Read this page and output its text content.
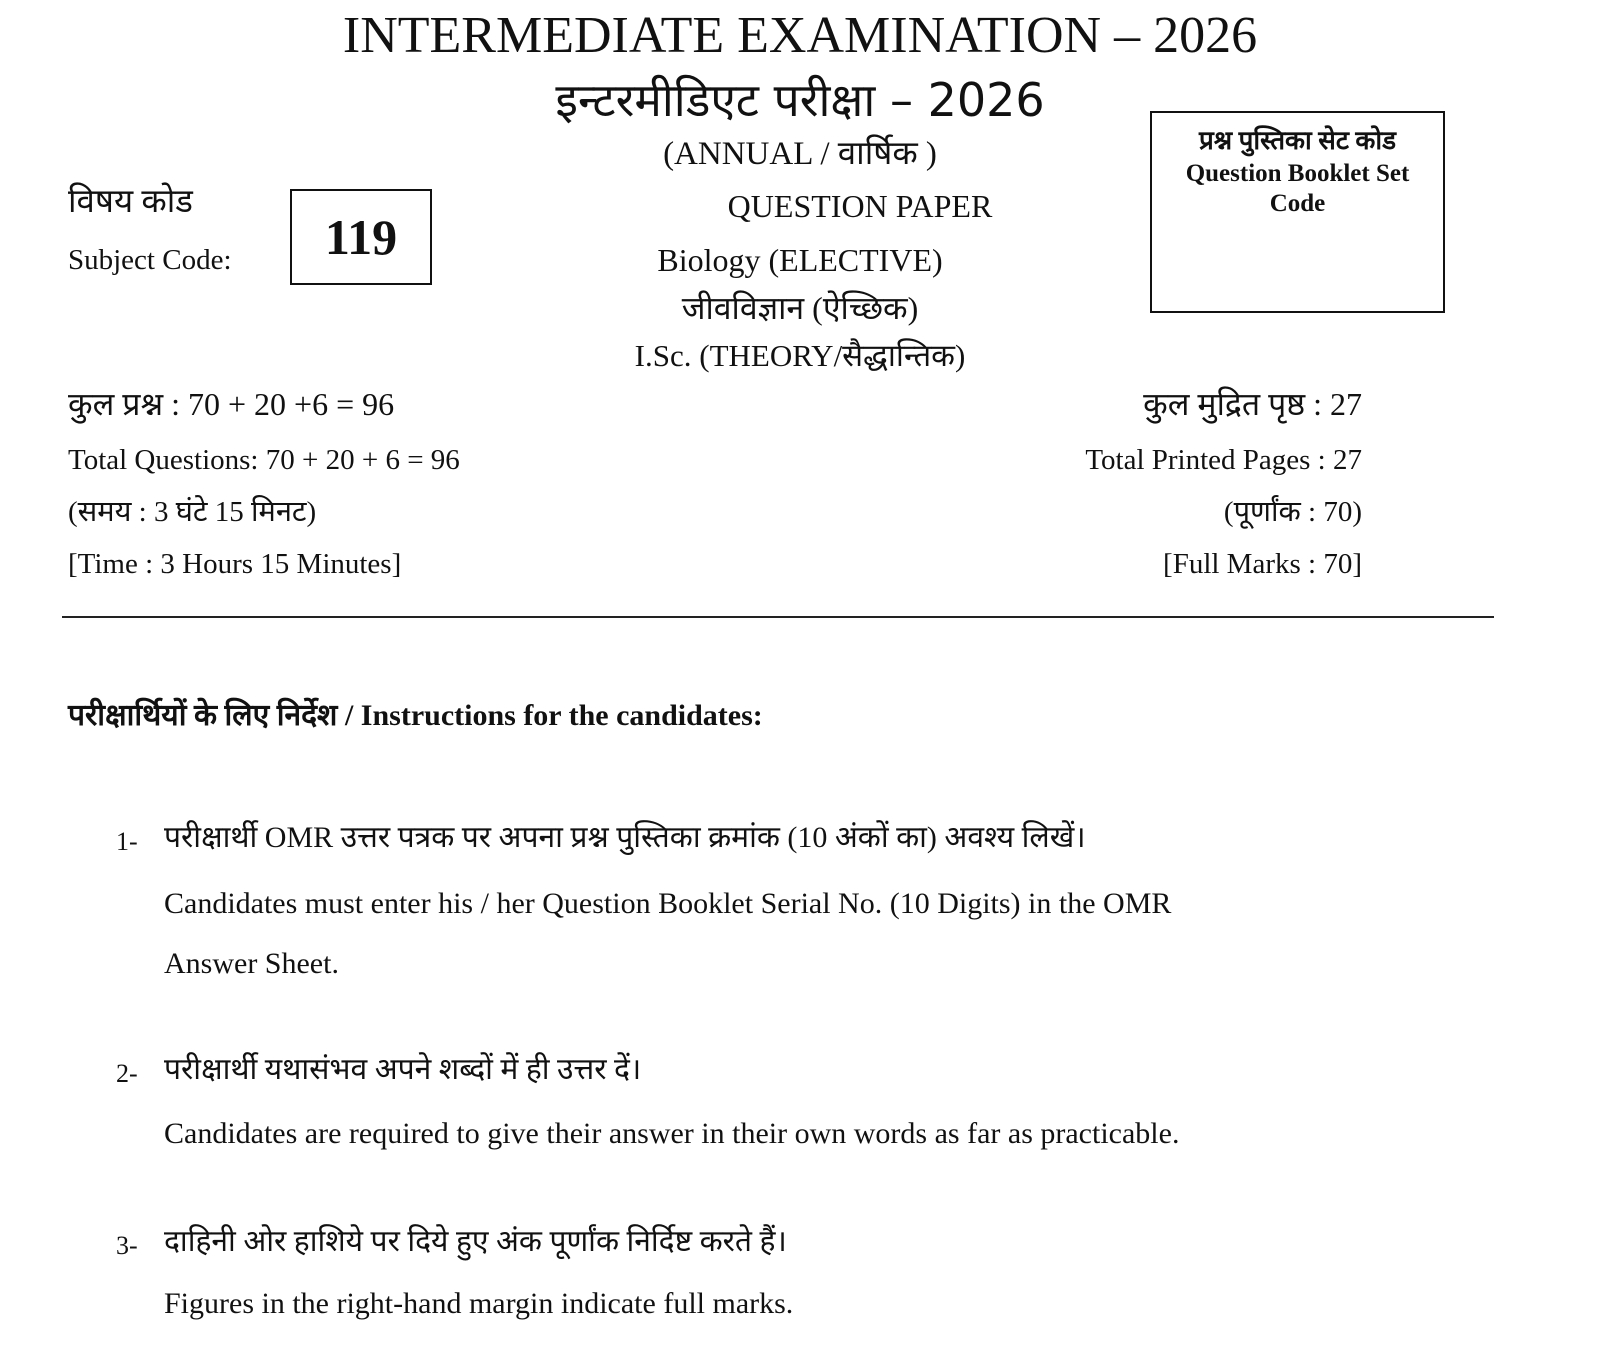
INTERMEDIATE EXAMINATION – 2026
इन्टरमीडिएट परीक्षा – 2026
(ANNUAL / वार्षिक )
विषय कोड
Subject Code: 119
QUESTION PAPER
Biology (ELECTIVE)
जीवविज्ञान (ऐच्छिक)
I.Sc. (THEORY/सैद्धान्तिक)
प्रश्न पुस्तिका सेट कोड
Question Booklet Set Code
कुल प्रश्न : 70 + 20 +6 = 96
Total Questions: 70 + 20 + 6 = 96
(समय : 3 घंटे 15 मिनट)
[Time : 3 Hours 15 Minutes]
कुल मुद्रित पृष्ठ : 27
Total Printed Pages : 27
(पूर्णांक : 70)
[Full Marks : 70]
परीक्षार्थियों के लिए निर्देश / Instructions for the candidates:
1- परीक्षार्थी OMR उत्तर पत्रक पर अपना प्रश्न पुस्तिका क्रमांक (10 अंकों का) अवश्य लिखें।
Candidates must enter his / her Question Booklet Serial No. (10 Digits) in the OMR
Answer Sheet.
2- परीक्षार्थी यथासंभव अपने शब्दों में ही उत्तर दें।
Candidates are required to give their answer in their own words as far as practicable.
3- दाहिनी ओर हाशिये पर दिये हुए अंक पूर्णांक निर्दिष्ट करते हैं।
Figures in the right-hand margin indicate full marks.
